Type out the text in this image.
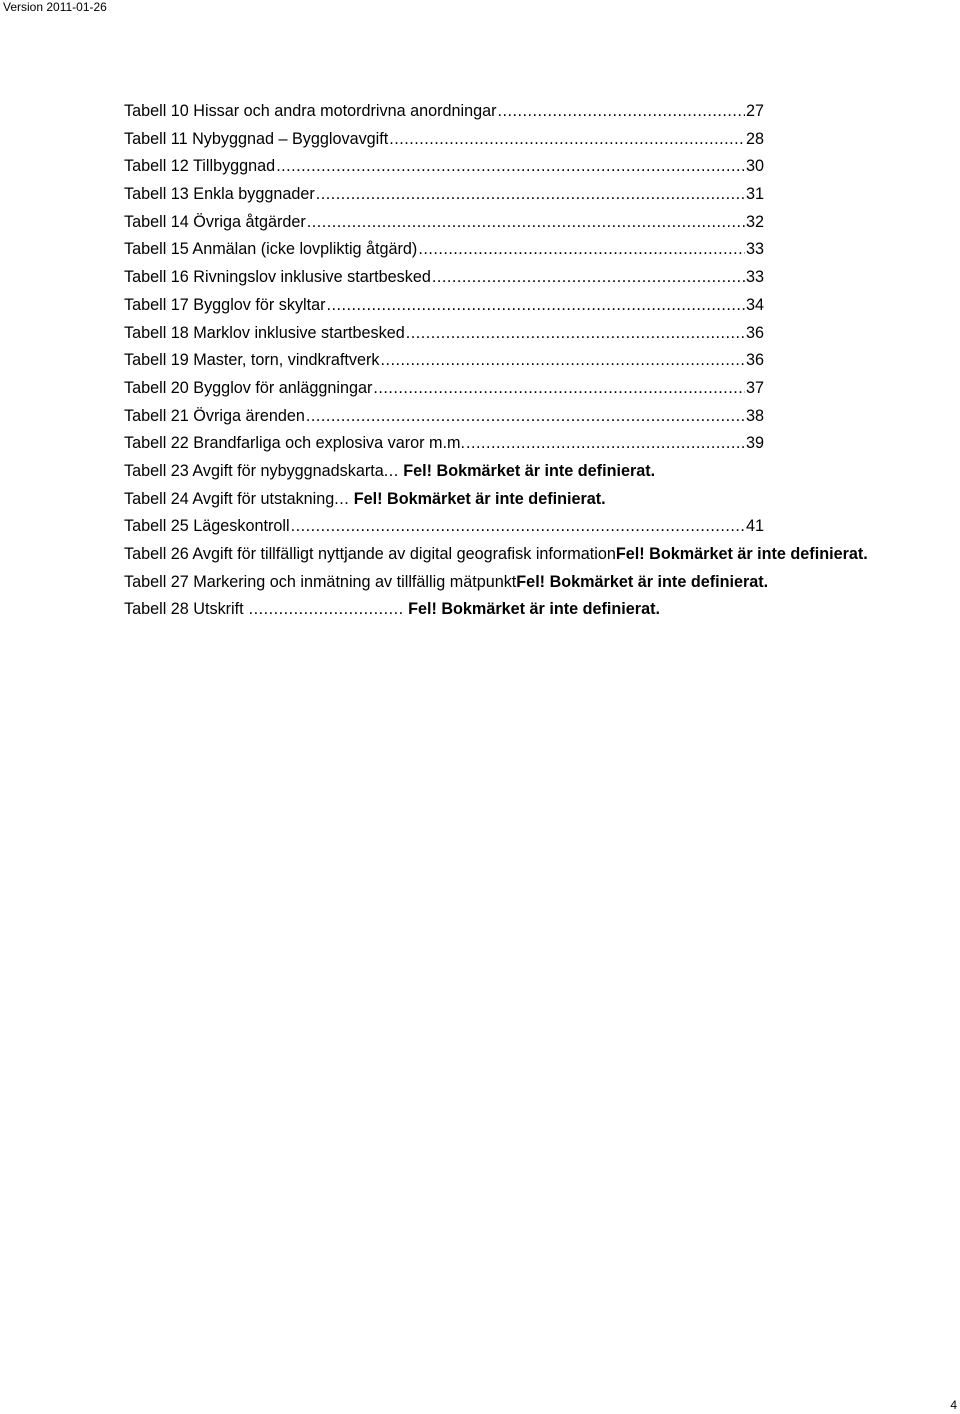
Version 2011-01-26
Tabell 10 Hissar och andra motordrivna anordningar .....	27
Tabell 11 Nybyggnad – Bygglovavgift .....	28
Tabell 12 Tillbyggnad .....	30
Tabell 13 Enkla byggnader .....	31
Tabell 14 Övriga åtgärder .....	32
Tabell 15 Anmälan (icke lovpliktig åtgärd) .....	33
Tabell 16 Rivningslov inklusive startbesked .....	33
Tabell 17 Bygglov för skyltar .....	34
Tabell 18 Marklov inklusive startbesked .....	36
Tabell 19 Master, torn, vindkraftverk .....	36
Tabell 20 Bygglov för anläggningar .....	37
Tabell 21 Övriga ärenden .....	38
Tabell 22 Brandfarliga och explosiva varor m.m. .....	39
Tabell 23 Avgift för nybyggnadskarta... Fel! Bokmärket är inte definierat.
Tabell 24 Avgift för utstakning... Fel! Bokmärket är inte definierat.
Tabell 25 Lägeskontroll .....	41
Tabell 26 Avgift för tillfälligt nyttjande av digital geografisk informationFel! Bokmärket är inte definierat.
Tabell 27 Markering och inmätning av tillfällig mätpunktFel! Bokmärket är inte definierat.
Tabell 28 Utskrift ............................... Fel! Bokmärket är inte definierat.
4
